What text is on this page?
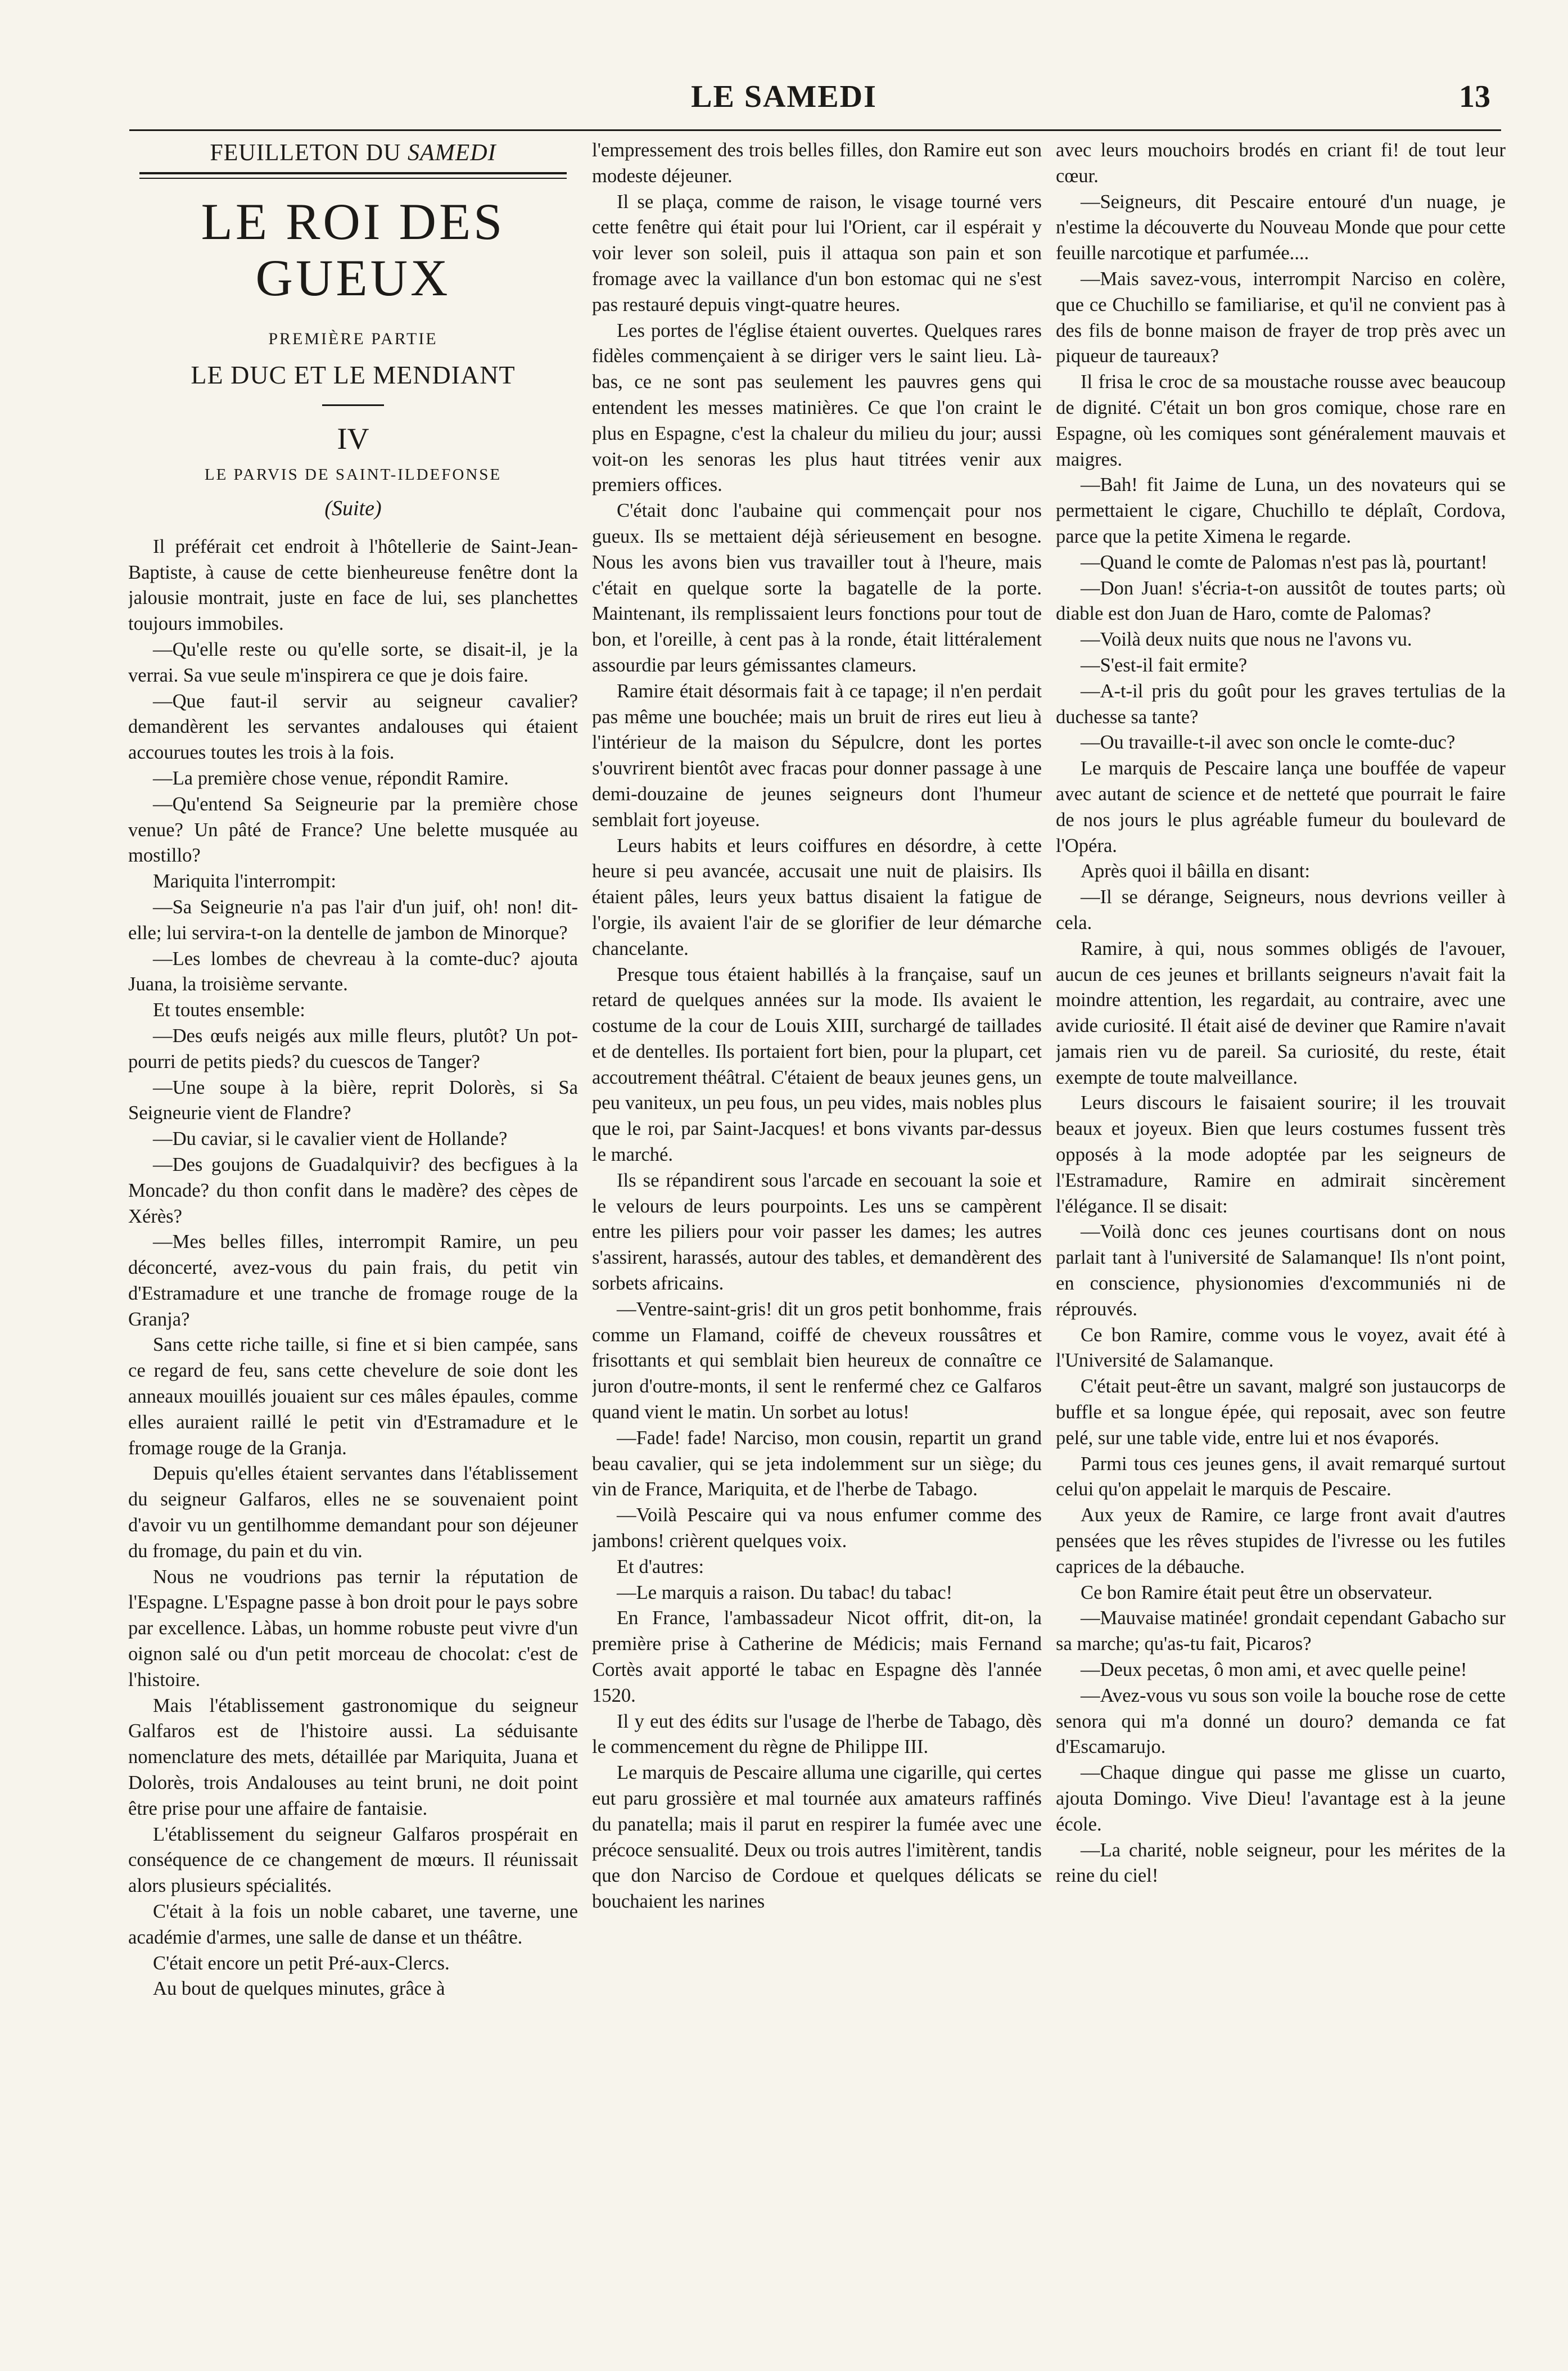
LE SAMEDI	13
FEUILLETON DU SAMEDI
LE ROI DES GUEUX
PREMIÈRE PARTIE
LE DUC ET LE MENDIANT
IV
LE PARVIS DE SAINT-ILDEFONSE
(Suite)

Il préférait cet endroit à l'hôtellerie de Saint-Jean-Baptiste, à cause de cette bienheureuse fenêtre dont la jalousie montrait, juste en face de lui, ses planchettes toujours immobiles.

—Qu'elle reste ou qu'elle sorte, se disait-il, je la verrai. Sa vue seule m'inspirera ce que je dois faire.

—Que faut-il servir au seigneur cavalier? demandèrent les servantes andalouses qui étaient accourues toutes les trois à la fois.

—La première chose venue, répondit Ramire.

—Qu'entend Sa Seigneurie par la première chose venue? Un pâté de France? Une belette musquée au mostillo?

Mariquita l'interrompit:

—Sa Seigneurie n'a pas l'air d'un juif, oh! non! dit-elle; lui servira-t-on la dentelle de jambon de Minorque?

—Les lombes de chevreau à la comte-duc? ajouta Juana, la troisième servante.

Et toutes ensemble:

—Des œufs neigés aux mille fleurs, plutôt? Un pot-pourri de petits pieds? du cuescos de Tanger?

—Une soupe à la bière, reprit Dolorès, si Sa Seigneurie vient de Flandre?

—Du caviar, si le cavalier vient de Hollande?

—Des goujons de Guadalquivir? des becfigues à la Moncade? du thon confit dans le madère? des cèpes de Xérès?

—Mes belles filles, interrompit Ramire, un peu déconcerté, avez-vous du pain frais, du petit vin d'Estramadure et une tranche de fromage rouge de la Granja?

Sans cette riche taille, si fine et si bien campée, sans ce regard de feu, sans cette chevelure de soie dont les anneaux mouillés jouaient sur ces mâles épaules, comme elles auraient raillé le petit vin d'Estramadure et le fromage rouge de la Granja.

Depuis qu'elles étaient servantes dans l'établissement du seigneur Galfaros, elles ne se souvenaient point d'avoir vu un gentilhomme demandant pour son déjeuner du fromage, du pain et du vin.

Nous ne voudrions pas ternir la réputation de l'Espagne. L'Espagne passe à bon droit pour le pays sobre par excellence. Làbas, un homme robuste peut vivre d'un oignon salé ou d'un petit morceau de chocolat: c'est de l'histoire.

Mais l'établissement gastronomique du seigneur Galfaros est de l'histoire aussi. La séduisante nomenclature des mets, détaillée par Mariquita, Juana et Dolorès, trois Andalouses au teint bruni, ne doit point être prise pour une affaire de fantaisie.

L'établissement du seigneur Galfaros prospérait en conséquence de ce changement de mœurs. Il réunissait alors plusieurs spécialités.

C'était à la fois un noble cabaret, une taverne, une académie d'armes, une salle de danse et un théâtre.

C'était encore un petit Pré-aux-Clercs.

Au bout de quelques minutes, grâce à

l'empressement des trois belles filles, don Ramire eut son modeste déjeuner.

Il se plaça, comme de raison, le visage tourné vers cette fenêtre qui était pour lui l'Orient, car il espérait y voir lever son soleil, puis il attaqua son pain et son fromage avec la vaillance d'un bon estomac qui ne s'est pas restauré depuis vingt-quatre heures.

Les portes de l'église étaient ouvertes. Quelques rares fidèles commençaient à se diriger vers le saint lieu. Là-bas, ce ne sont pas seulement les pauvres gens qui entendent les messes matinières. Ce que l'on craint le plus en Espagne, c'est la chaleur du milieu du jour; aussi voit-on les senoras les plus haut titrées venir aux premiers offices.

C'était donc l'aubaine qui commençait pour nos gueux. Ils se mettaient déjà sérieusement en besogne. Nous les avons bien vus travailler tout à l'heure, mais c'était en quelque sorte la bagatelle de la porte. Maintenant, ils remplissaient leurs fonctions pour tout de bon, et l'oreille, à cent pas à la ronde, était littéralement assourdie par leurs gémissantes clameurs.

Ramire était désormais fait à ce tapage; il n'en perdait pas même une bouchée; mais un bruit de rires eut lieu à l'intérieur de la maison du Sépulcre, dont les portes s'ouvrirent bientôt avec fracas pour donner passage à une demi-douzaine de jeunes seigneurs dont l'humeur semblait fort joyeuse.

Leurs habits et leurs coiffures en désordre, à cette heure si peu avancée, accusait une nuit de plaisirs. Ils étaient pâles, leurs yeux battus disaient la fatigue de l'orgie, ils avaient l'air de se glorifier de leur démarche chancelante.

Presque tous étaient habillés à la française, sauf un retard de quelques années sur la mode. Ils avaient le costume de la cour de Louis XIII, surchargé de taillades et de dentelles. Ils portaient fort bien, pour la plupart, cet accoutrement théâtral. C'étaient de beaux jeunes gens, un peu vaniteux, un peu fous, un peu vides, mais nobles plus que le roi, par Saint-Jacques! et bons vivants par-dessus le marché.

Ils se répandirent sous l'arcade en secouant la soie et le velours de leurs pourpoints. Les uns se campèrent entre les piliers pour voir passer les dames; les autres s'assirent, harassés, autour des tables, et demandèrent des sorbets africains.

—Ventre-saint-gris! dit un gros petit bonhomme, frais comme un Flamand, coiffé de cheveux roussâtres et frisottants et qui semblait bien heureux de connaître ce juron d'outre-monts, il sent le renfermé chez ce Galfaros quand vient le matin. Un sorbet au lotus!

—Fade! fade! Narciso, mon cousin, repartit un grand beau cavalier, qui se jeta indolemment sur un siège; du vin de France, Mariquita, et de l'herbe de Tabago.

—Voilà Pescaire qui va nous enfumer comme des jambons! crièrent quelques voix.

Et d'autres:

—Le marquis a raison. Du tabac! du tabac!

En France, l'ambassadeur Nicot offrit, dit-on, la première prise à Catherine de Médicis; mais Fernand Cortès avait apporté le tabac en Espagne dès l'année 1520.

Il y eut des édits sur l'usage de l'herbe de Tabago, dès le commencement du règne de Philippe III.

Le marquis de Pescaire alluma une cigarille, qui certes eut paru grossière et mal tournée aux amateurs raffinés du panatella; mais il parut en respirer la fumée avec une précoce sensualité. Deux ou trois autres l'imitèrent, tandis que don Narciso de Cordoue et quelques délicats se bouchaient les narines

avec leurs mouchoirs brodés en criant fi! de tout leur cœur.

—Seigneurs, dit Pescaire entouré d'un nuage, je n'estime la découverte du Nouveau Monde que pour cette feuille narcotique et parfumée....

—Mais savez-vous, interrompit Narciso en colère, que ce Chuchillo se familiarise, et qu'il ne convient pas à des fils de bonne maison de frayer de trop près avec un piqueur de taureaux?

Il frisa le croc de sa moustache rousse avec beaucoup de dignité. C'était un bon gros comique, chose rare en Espagne, où les comiques sont généralement mauvais et maigres.

—Bah! fit Jaime de Luna, un des novateurs qui se permettaient le cigare, Chuchillo te déplaît, Cordova, parce que la petite Ximena le regarde.

—Quand le comte de Palomas n'est pas là, pourtant!

—Don Juan! s'écria-t-on aussitôt de toutes parts; où diable est don Juan de Haro, comte de Palomas?

—Voilà deux nuits que nous ne l'avons vu.

—S'est-il fait ermite?

—A-t-il pris du goût pour les graves tertulias de la duchesse sa tante?

—Ou travaille-t-il avec son oncle le comte-duc?

Le marquis de Pescaire lança une bouffée de vapeur avec autant de science et de netteté que pourrait le faire de nos jours le plus agréable fumeur du boulevard de l'Opéra.

Après quoi il bâilla en disant:

—Il se dérange, Seigneurs, nous devrions veiller à cela.

Ramire, à qui, nous sommes obligés de l'avouer, aucun de ces jeunes et brillants seigneurs n'avait fait la moindre attention, les regardait, au contraire, avec une avide curiosité. Il était aisé de deviner que Ramire n'avait jamais rien vu de pareil. Sa curiosité, du reste, était exempte de toute malveillance.

Leurs discours le faisaient sourire; il les trouvait beaux et joyeux. Bien que leurs costumes fussent très opposés à la mode adoptée par les seigneurs de l'Estramadure, Ramire en admirait sincèrement l'élégance. Il se disait:

—Voilà donc ces jeunes courtisans dont on nous parlait tant à l'université de Salamanque! Ils n'ont point, en conscience, physionomies d'excommuniés ni de réprouvés.

Ce bon Ramire, comme vous le voyez, avait été à l'Université de Salamanque.

C'était peut-être un savant, malgré son justaucorps de buffle et sa longue épée, qui reposait, avec son feutre pelé, sur une table vide, entre lui et nos évaporés.

Parmi tous ces jeunes gens, il avait remarqué surtout celui qu'on appelait le marquis de Pescaire.

Aux yeux de Ramire, ce large front avait d'autres pensées que les rêves stupides de l'ivresse ou les futiles caprices de la débauche.

Ce bon Ramire était peut être un observateur.

—Mauvaise matinée! grondait cependant Gabacho sur sa marche; qu'as-tu fait, Picaros?

—Deux pecetas, ô mon ami, et avec quelle peine!

—Avez-vous vu sous son voile la bouche rose de cette senora qui m'a donné un douro? demanda ce fat d'Escamarujo.

—Chaque dingue qui passe me glisse un cuarto, ajouta Domingo. Vive Dieu! l'avantage est à la jeune école.

—La charité, noble seigneur, pour les mérites de la reine du ciel!
